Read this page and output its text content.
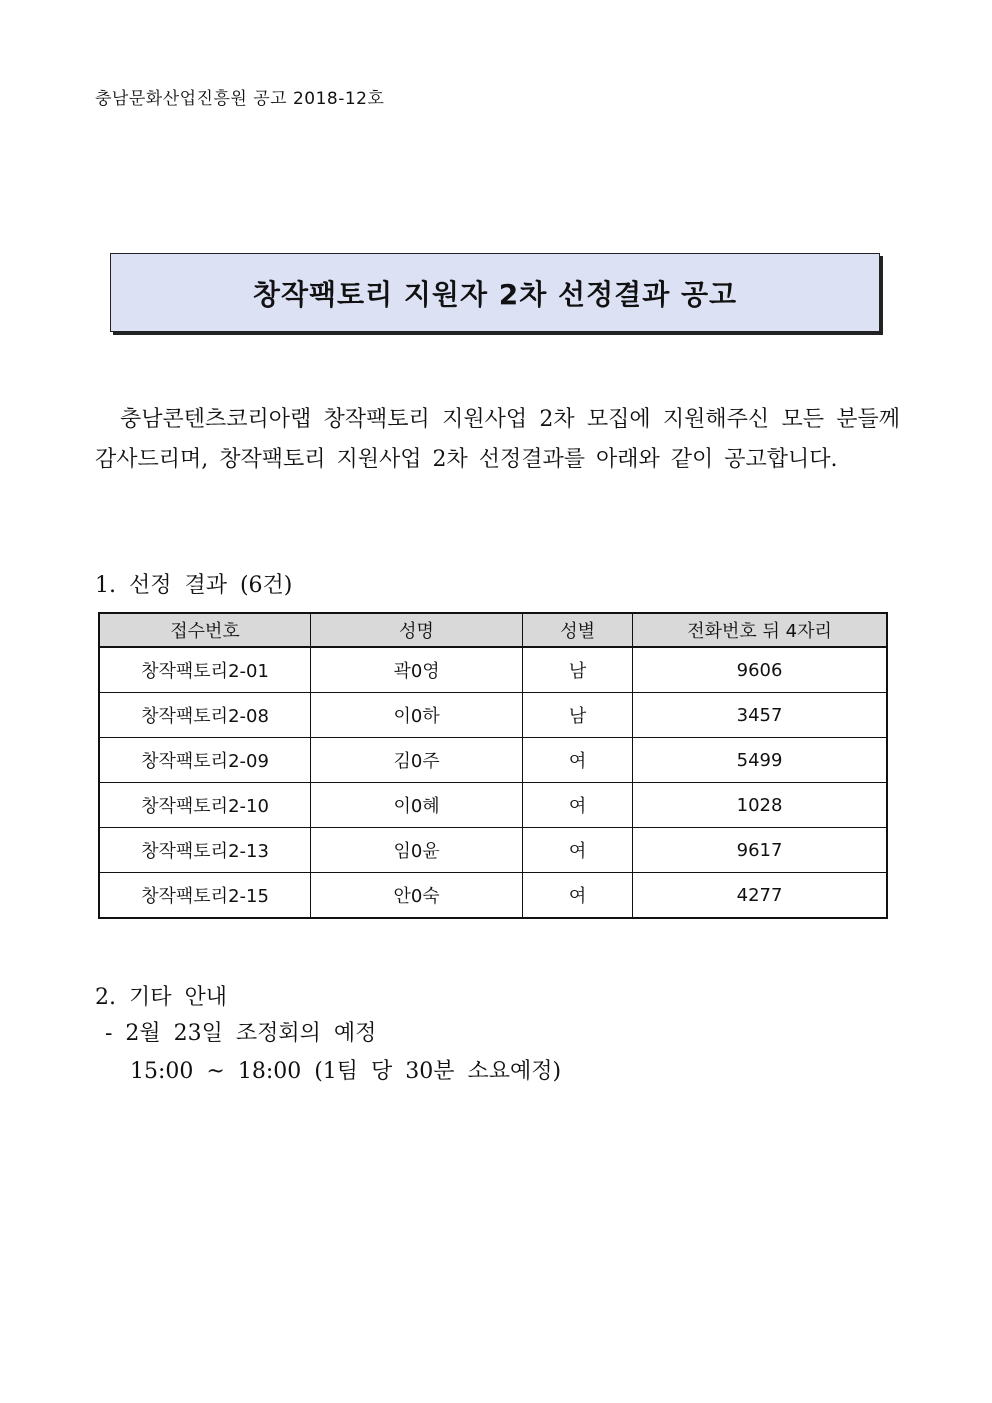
충남문화산업진흥원 공고 2018-12호
창작팩토리 지원자 2차 선정결과 공고

충남콘텐츠코리아랩 창작팩토리 지원사업 2차 모집에 지원해주신 모든 분들께 감사드리며, 창작팩토리 지원사업 2차 선정결과를 아래와 같이 공고합니다.

1. 선정 결과 (6건)

접수번호	성명	성별	전화번호 뒤 4자리
창작팩토리2-01	곽0영	남	9606
창작팩토리2-08	이0하	남	3457
창작팩토리2-09	김0주	여	5499
창작팩토리2-10	이0혜	여	1028
창작팩토리2-13	임0윤	여	9617
창작팩토리2-15	안0숙	여	4277

2. 기타 안내

- 2월 23일 조정회의 예정

15:00 ~ 18:00 (1팀 당 30분 소요예정)
